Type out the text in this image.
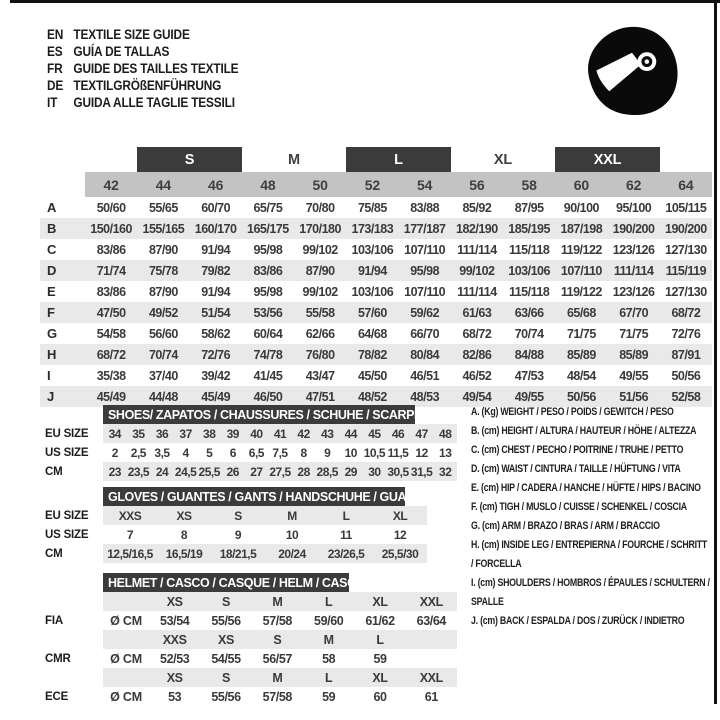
EN TEXTILE SIZE GUIDE
ES GUÍA DE TALLAS
FR GUIDE DES TAILLES TEXTILE
DE TEXTILGRÖßENFÜHRUNG
IT	GUIDA ALLE TAGLIE TESSILI
S	M	L	XL	XXL
42	44	46	48	50	52	54	56	58	60	62	64
A	50/60	55/65	60/70	65/75	70/80	75/85	83/88	85/92	87/95	90/100	95/100	105/115
B	150/160 155/165 160/170 165/175 170/180 173/183 177/187 182/190 185/195 187/198 190/200 190/200
C	83/86	87/90	91/94	95/98	99/102	103/106 107/110 111/114 115/118 119/122 123/126 127/130
D	71/74	75/78	79/82	83/86	87/90	91/94	95/98	99/102	103/106 107/110 111/114 115/119
E	83/86	87/90	91/94	95/98	99/102	103/106 107/110 111/114 115/118 119/122 123/126 127/130
F	47/50	49/52	51/54	53/56	55/58	57/60	59/62	61/63	63/66	65/68	67/70	68/72
G	54/58	56/60	58/62	60/64	62/66	64/68	66/70	68/72	70/74	71/75	71/75	72/76
H	68/72	70/74	72/76	74/78	76/80	78/82	80/84	82/86	84/88	85/89	85/89	87/91
I	35/38	37/40	39/42	41/45	43/47	45/50	46/51	46/52	47/53	48/54	49/55	50/56
J	45/49	44/48	45/49	46/50	47/51	48/52	48/53	49/54	49/55	50/56	51/56	52/58
SHOES/ ZAPATOS / CHAUSSURES / SCHUHE / SCARPE
EU SIZE	34 35 36 37 38 39 40 41 42 43 44 45 46 47 48
US SIZE	2	2,5 3,5	4	5	6	6,5 7,5	8	9	10 10,5 11,5 12 13
CM	23 23,5 24 24,5 25,5 26 27 27,5 28 28,5 29 30 30,5 31,5 32
GLOVES / GUANTES / GANTS / HANDSCHUHE / GUANTI
EU SIZE	XXS	XS	S	M	L	XL
US SIZE	7	8	9	10	11	12
CM	12,5/16,5	16,5/19	18/21,5	20/24	23/26,5	25,5/30
HELMET / CASCO / CASQUE / HELM / CASCO
XS	S	M	L	XL	XXL
FIA	Ø CM	53/54	55/56	57/58	59/60	61/62	63/64
XXS	XS	S	M	L
CMR	Ø CM	52/53	54/55	56/57	58	59
XS	S	M	L	XL	XXL
ECE	Ø CM	53	55/56	57/58	59	60	61
A. (Kg) WEIGHT / PESO / POIDS / GEWITCH / PESO
B. (cm) HEIGHT / ALTURA / HAUTEUR / HÖHE / ALTEZZA
C. (cm) CHEST / PECHO / POITRINE / TRUHE / PETTO
D. (cm) WAIST / CINTURA / TAILLE / HÜFTUNG / VITA
E. (cm) HIP / CADERA / HANCHE / HÜFTE / HIPS / BACINO
F. (cm) TIGH / MUSLO / CUISSE / SCHENKEL / COSCIA
G. (cm) ARM / BRAZO / BRAS / ARM / BRACCIO
H. (cm) INSIDE LEG / ENTREPIERNA / FOURCHE / SCHRITT / FORCELLA
I. (cm) SHOULDERS / HOMBROS / ÉPAULES / SCHULTERN / SPALLE
J. (cm) BACK / ESPALDA / DOS / ZURÜCK / INDIETRO
